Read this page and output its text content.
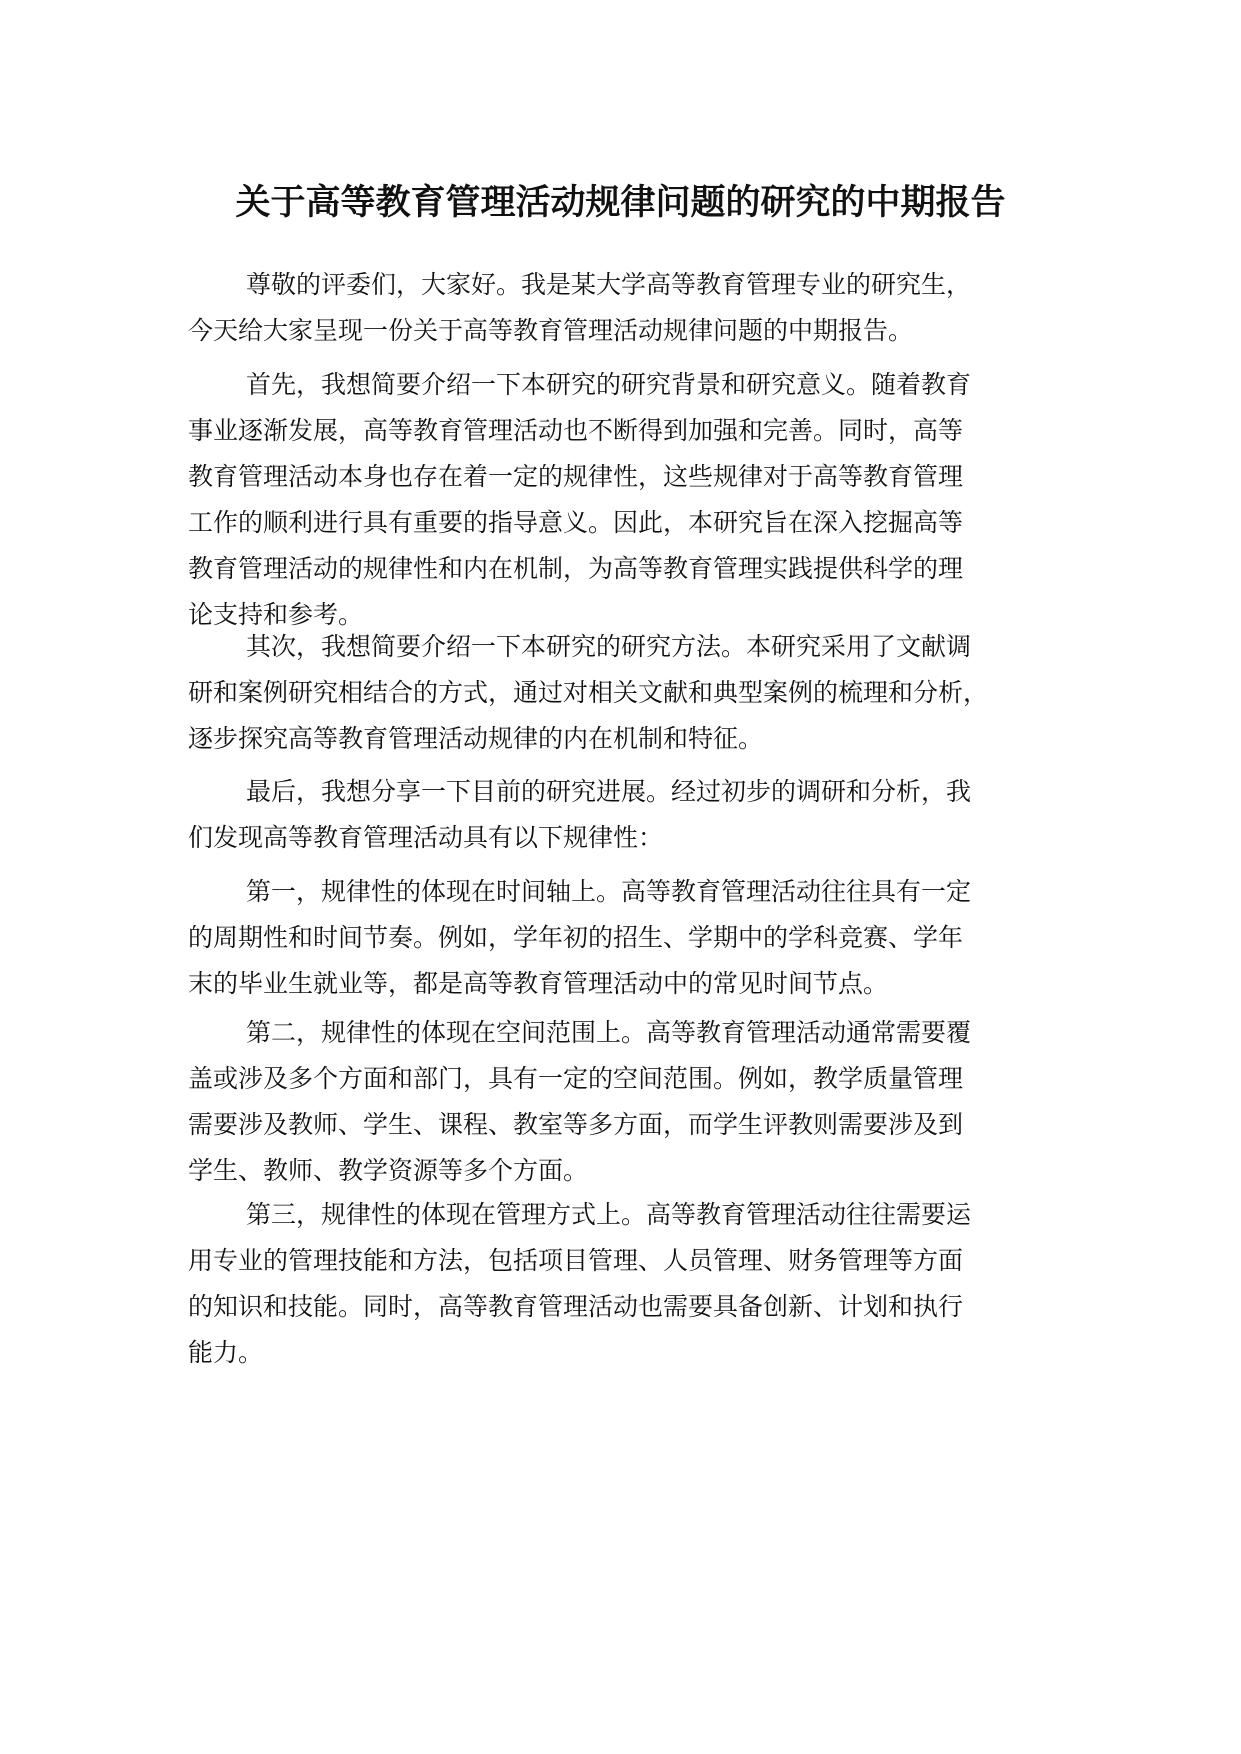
关于高等教育管理活动规律问题的研究的中期报告
尊敬的评委们，大家好。我是某大学高等教育管理专业的研究生，
今天给大家呈现一份关于高等教育管理活动规律问题的中期报告。
首先，我想简要介绍一下本研究的研究背景和研究意义。随着教育
事业逐渐发展，高等教育管理活动也不断得到加强和完善。同时，高等
教育管理活动本身也存在着一定的规律性，这些规律对于高等教育管理
工作的顺利进行具有重要的指导意义。因此，本研究旨在深入挖掘高等
教育管理活动的规律性和内在机制，为高等教育管理实践提供科学的理
论支持和参考。
其次，我想简要介绍一下本研究的研究方法。本研究采用了文献调
研和案例研究相结合的方式，通过对相关文献和典型案例的梳理和分析，
逐步探究高等教育管理活动规律的内在机制和特征。
最后，我想分享一下目前的研究进展。经过初步的调研和分析，我
们发现高等教育管理活动具有以下规律性：
第一，规律性的体现在时间轴上。高等教育管理活动往往具有一定
的周期性和时间节奏。例如，学年初的招生、学期中的学科竞赛、学年
末的毕业生就业等，都是高等教育管理活动中的常见时间节点。
第二，规律性的体现在空间范围上。高等教育管理活动通常需要覆
盖或涉及多个方面和部门，具有一定的空间范围。例如，教学质量管理
需要涉及教师、学生、课程、教室等多方面，而学生评教则需要涉及到
学生、教师、教学资源等多个方面。
第三，规律性的体现在管理方式上。高等教育管理活动往往需要运
用专业的管理技能和方法，包括项目管理、人员管理、财务管理等方面
的知识和技能。同时，高等教育管理活动也需要具备创新、计划和执行
能力。
